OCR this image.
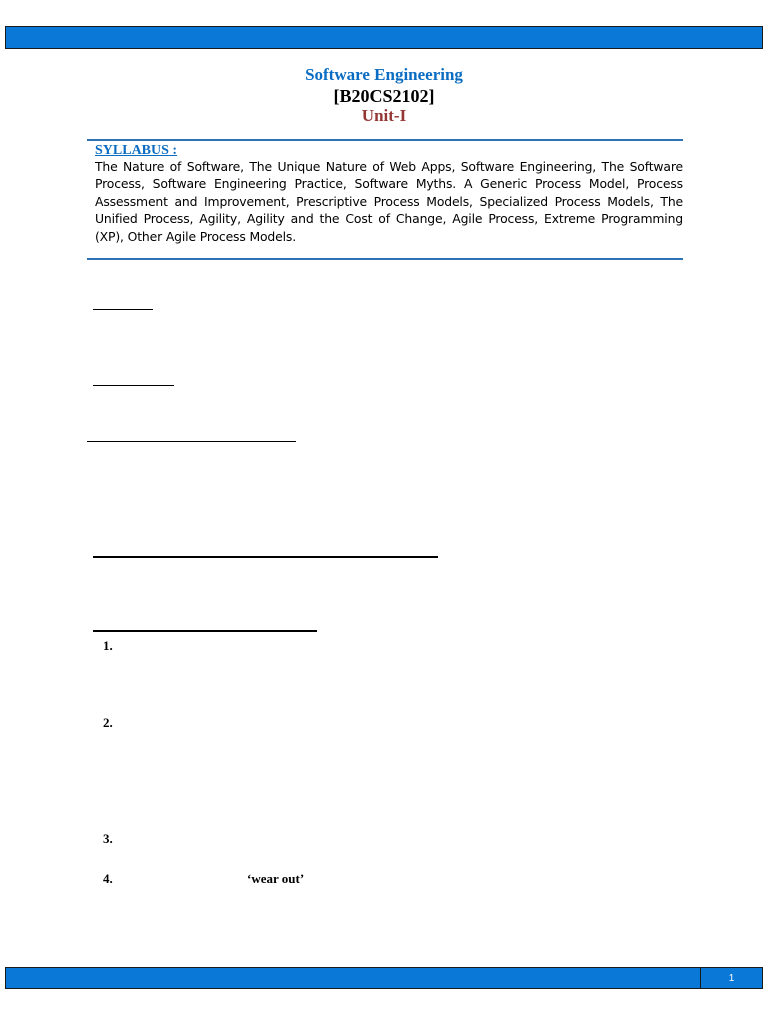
Software Engineering
[B20CS2102]
Unit-I
SYLLABUS :
The Nature of Software, The Unique Nature of Web Apps, Software Engineering, The Software Process, Software Engineering Practice, Software Myths. A Generic Process Model, Process Assessment and Improvement, Prescriptive Process Models, Specialized Process Models, The Unified Process, Agility, Agility and the Cost of Change, Agile Process, Extreme Programming (XP), Other Agile Process Models.
1.
2.
3.
4.	‘wear out’
1
